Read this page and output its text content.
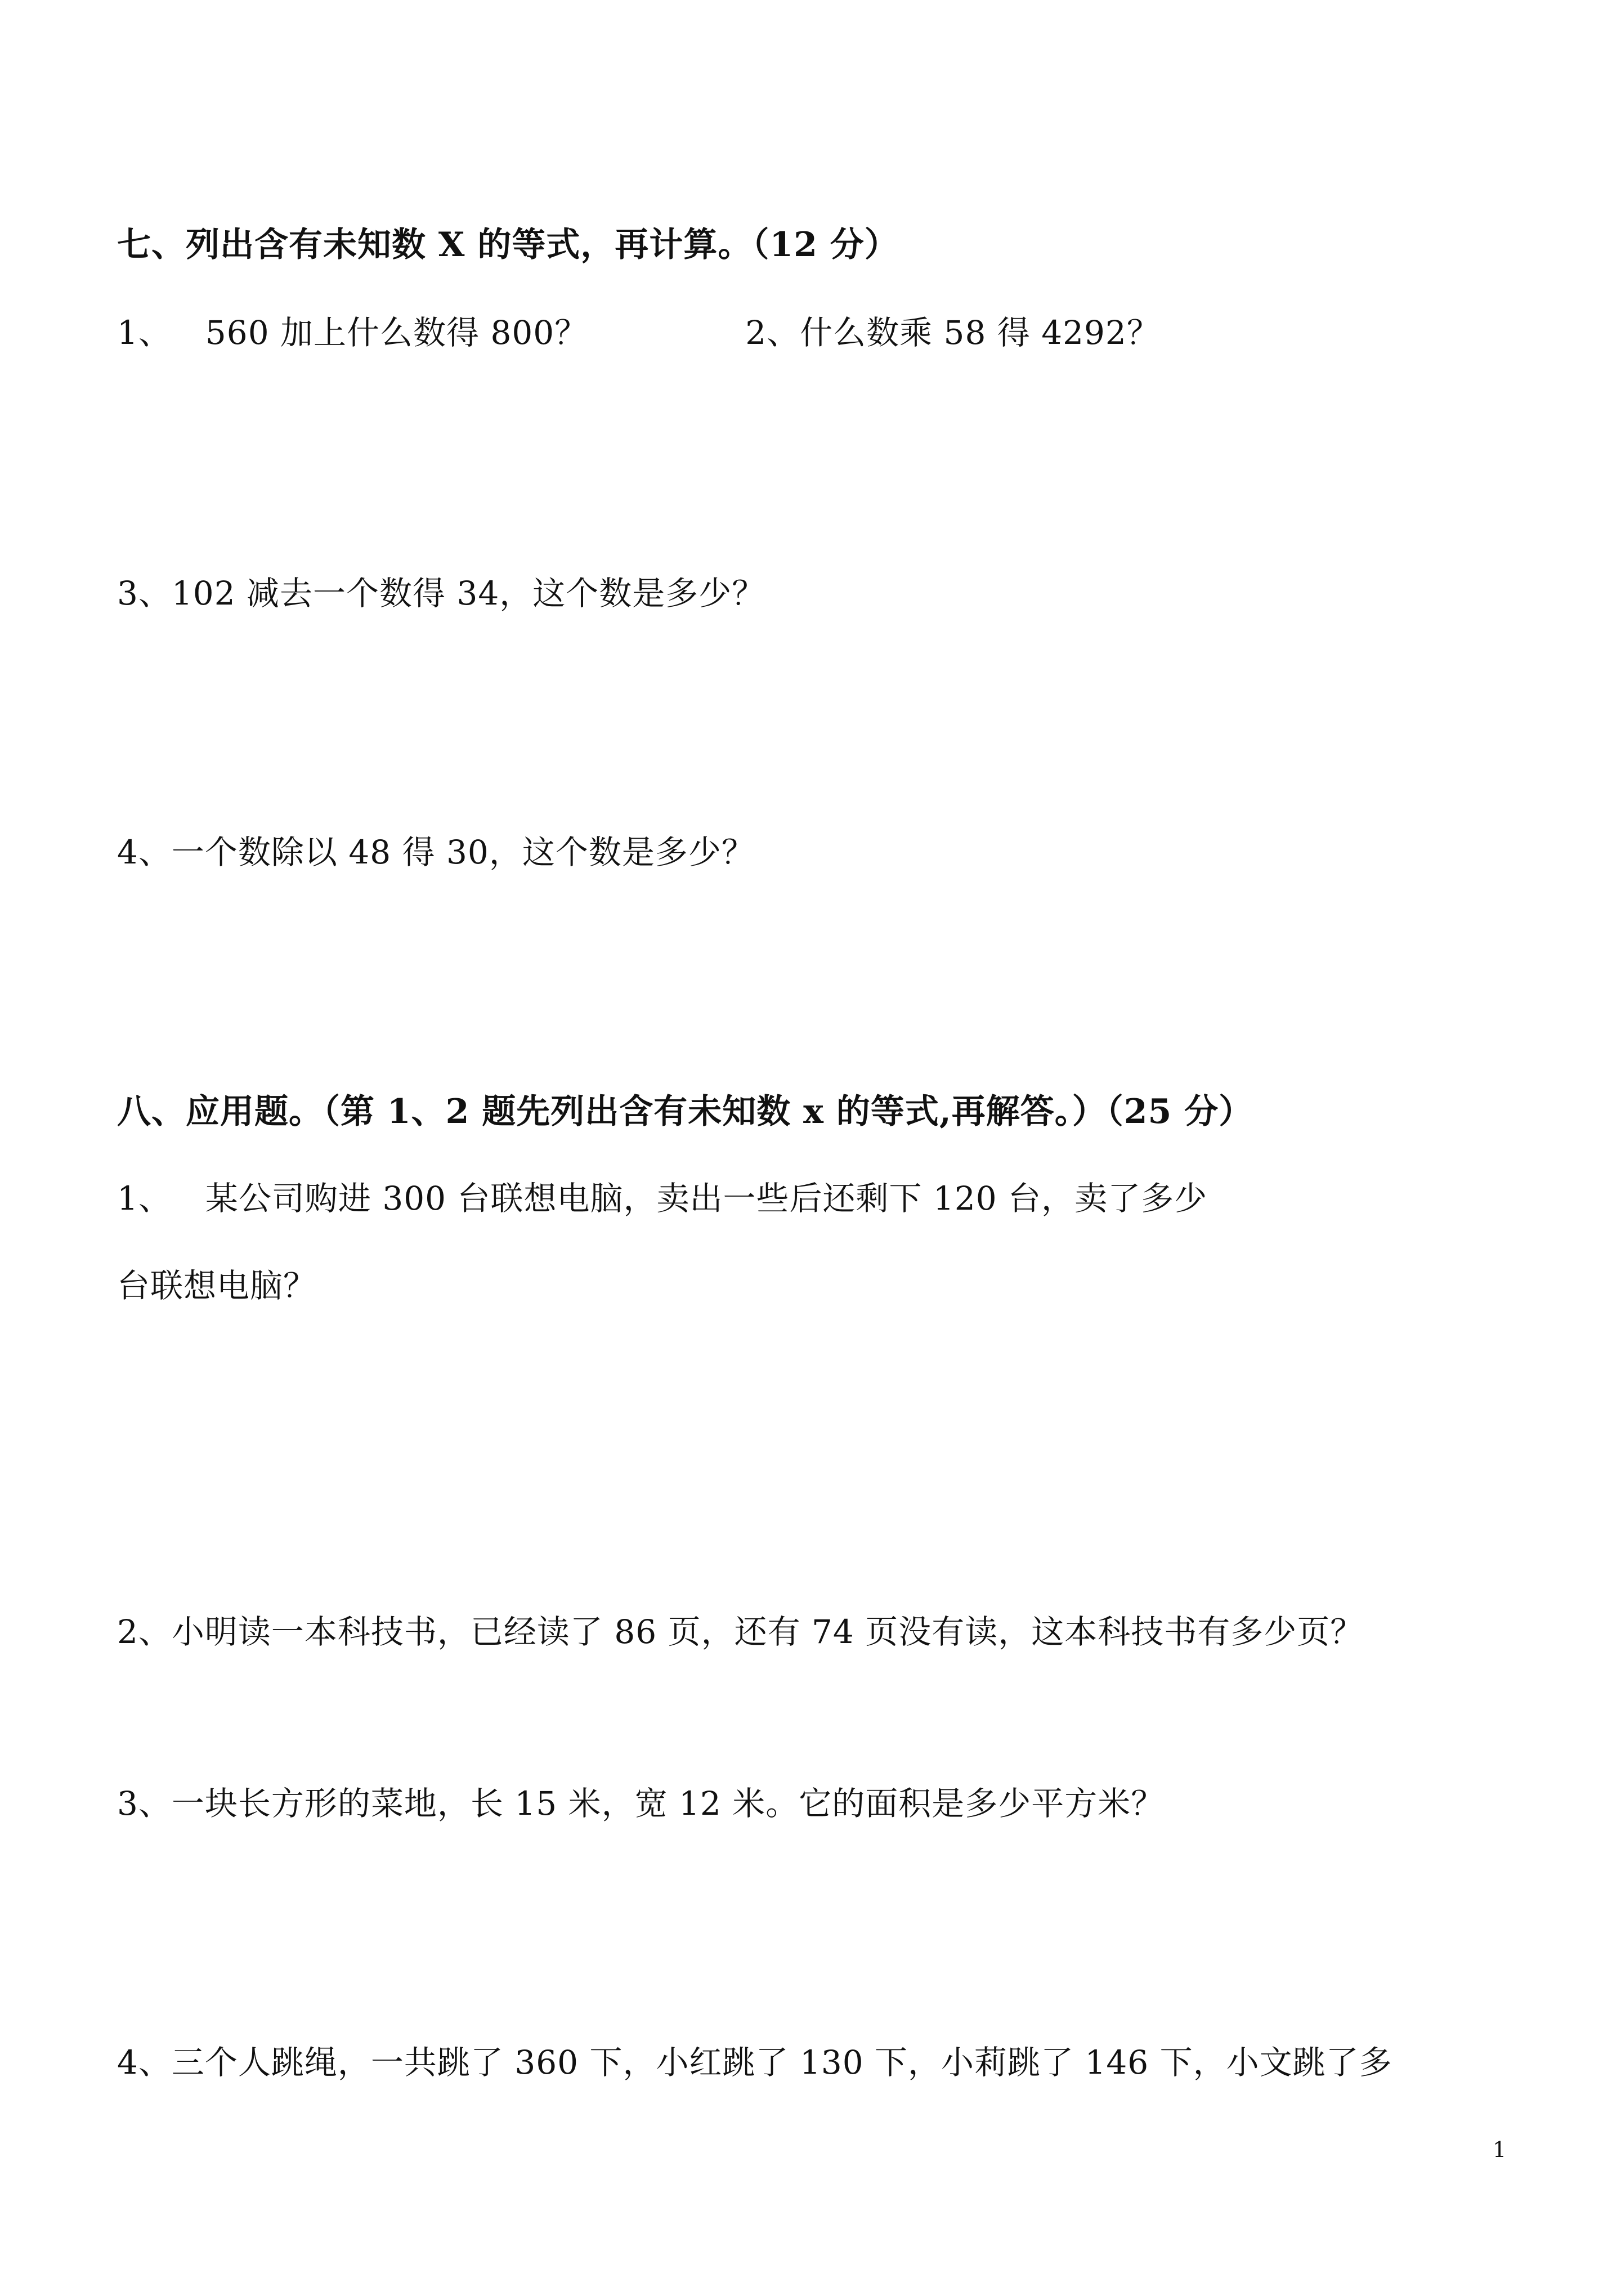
七、列出含有未知数 X 的等式，再计算。（12 分）
1、 560 加上什么数得 800？	2、什么数乘 58 得 4292？
3、102 减去一个数得 34，这个数是多少？
4、一个数除以 48 得 30，这个数是多少？
八、应用题。（第 1、2 题先列出含有未知数 x 的等式,再解答。）（25 分）
1、 某公司购进 300 台联想电脑，卖出一些后还剩下 120 台，卖了多少
台联想电脑？
2、小明读一本科技书，已经读了 86 页，还有 74 页没有读，这本科技书有多少页？
3、一块长方形的菜地，长 15 米，宽 12 米。它的面积是多少平方米？
4、三个人跳绳，一共跳了 360 下，小红跳了 130 下，小莉跳了 146 下，小文跳了多
1
